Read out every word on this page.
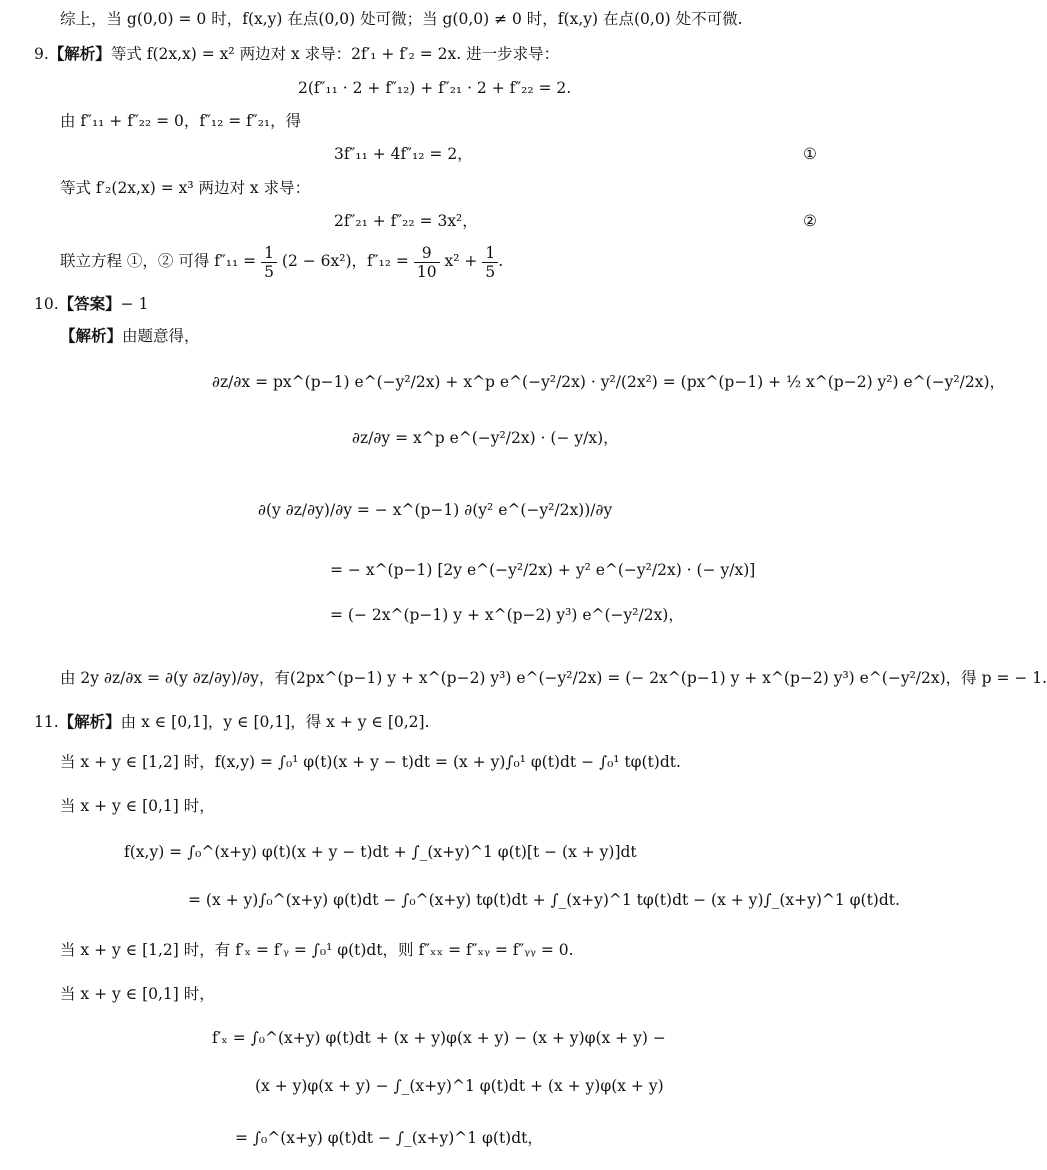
综上，当 g(0,0) = 0 时，f(x,y) 在点(0,0) 处可微；当 g(0,0) ≠ 0 时，f(x,y) 在点(0,0) 处不可微.
9.【解析】等式 f(2x,x) = x² 两边对 x 求导：2f′₁ + f′₂ = 2x. 进一步求导：
2(f″₁₁ · 2 + f″₁₂) + f″₂₁ · 2 + f″₂₂ = 2.
由 f″₁₁ + f″₂₂ = 0，f″₁₂ = f″₂₁，得
3f″₁₁ + 4f″₁₂ = 2，	①
等式 f′₂(2x,x) = x³ 两边对 x 求导：
2f″₂₁ + f″₂₂ = 3x²，	②
联立方程 ①，② 可得 $f''_{11} = \frac{1}{5} (2 - 6x^2)$，$f''_{12} = \frac{9}{10} x^2 + \frac{1}{5}$ .
10.【答案】− 1
【解析】由题意得，
∂z/∂x = px^(p−1) e^(−y²/2x) + x^p e^(−y²/2x) · y²/(2x²) = (px^(p−1) + ½ x^(p−2) y²) e^(−y²/2x)，
∂z/∂y = x^p e^(−y²/2x) · (− y/x)，
∂(y ∂z/∂y)/∂y = − x^(p−1) ∂(y² e^(−y²/2x))/∂y
= − x^(p−1) [2y e^(−y²/2x) + y² e^(−y²/2x) · (− y/x)]
= (− 2x^(p−1) y + x^(p−2) y³) e^(−y²/2x)，
由 2y ∂z/∂x = ∂(y ∂z/∂y)/∂y，有(2px^(p−1) y + x^(p−2) y³) e^(−y²/2x) = (− 2x^(p−1) y + x^(p−2) y³) e^(−y²/2x)，得 p = − 1.
11.【解析】由 x ∈ [0,1]，y ∈ [0,1]，得 x + y ∈ [0,2].
当 x + y ∈ [1,2] 时，f(x,y) = ∫₀¹ φ(t)(x + y − t)dt = (x + y)∫₀¹ φ(t)dt − ∫₀¹ tφ(t)dt.
当 x + y ∈ [0,1] 时，
f(x,y) = ∫₀^(x+y) φ(t)(x + y − t)dt + ∫_(x+y)^1 φ(t)[t − (x + y)]dt
= (x + y)∫₀^(x+y) φ(t)dt − ∫₀^(x+y) tφ(t)dt + ∫_(x+y)^1 tφ(t)dt − (x + y)∫_(x+y)^1 φ(t)dt.
当 x + y ∈ [1,2] 时，有 f′ₓ = f′ᵧ = ∫₀¹ φ(t)dt，则 f″ₓₓ = f″ₓᵧ = f″ᵧᵧ = 0.
当 x + y ∈ [0,1] 时，
f′ₓ = ∫₀^(x+y) φ(t)dt + (x + y)φ(x + y) − (x + y)φ(x + y) −
(x + y)φ(x + y) − ∫_(x+y)^1 φ(t)dt + (x + y)φ(x + y)
= ∫₀^(x+y) φ(t)dt − ∫_(x+y)^1 φ(t)dt，
